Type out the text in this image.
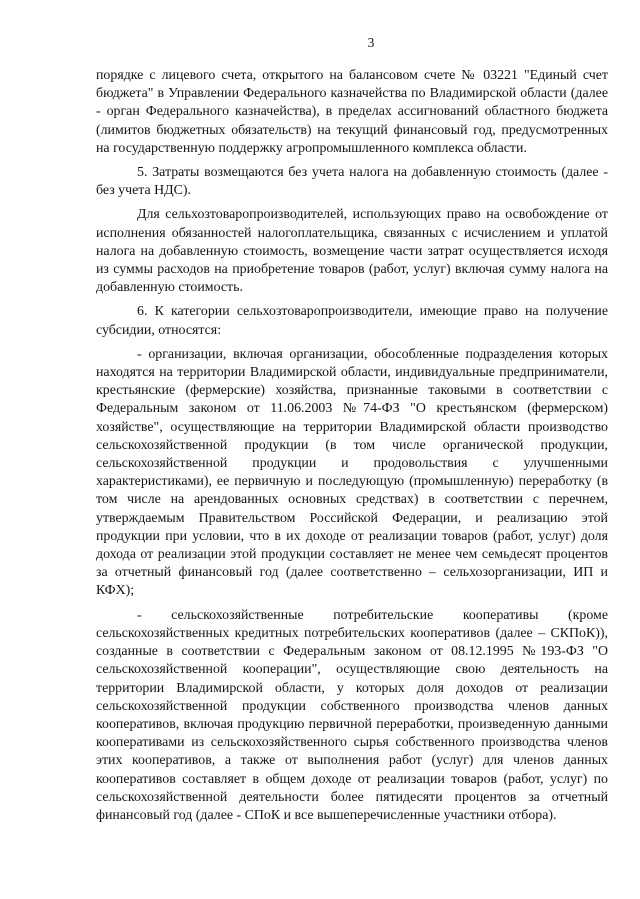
3

порядке с лицевого счета, открытого на балансовом счете № 03221 "Единый счет бюджета" в Управлении Федерального казначейства по Владимирской области (далее - орган Федерального казначейства), в пределах ассигнований областного бюджета (лимитов бюджетных обязательств) на текущий финансовый год, предусмотренных на государственную поддержку агропромышленного комплекса области.

5. Затраты возмещаются без учета налога на добавленную стоимость (далее - без учета НДС).

Для сельхозтоваропроизводителей, использующих право на освобождение от исполнения обязанностей налогоплательщика, связанных с исчислением и уплатой налога на добавленную стоимость, возмещение части затрат осуществляется исходя из суммы расходов на приобретение товаров (работ, услуг) включая сумму налога на добавленную стоимость.

6. К категории сельхозтоваропроизводители, имеющие право на получение субсидии, относятся:

- организации, включая организации, обособленные подразделения которых находятся на территории Владимирской области, индивидуальные предприниматели, крестьянские (фермерские) хозяйства, признанные таковыми в соответствии с Федеральным законом от 11.06.2003 №74-ФЗ "О крестьянском (фермерском) хозяйстве", осуществляющие на территории Владимирской области производство сельскохозяйственной продукции (в том числе органической продукции, сельскохозяйственной продукции и продовольствия с улучшенными характеристиками), ее первичную и последующую (промышленную) переработку (в том числе на арендованных основных средствах) в соответствии с перечнем, утверждаемым Правительством Российской Федерации, и реализацию этой продукции при условии, что в их доходе от реализации товаров (работ, услуг) доля дохода от реализации этой продукции составляет не менее чем семьдесят процентов за отчетный финансовый год (далее соответственно – сельхозорганизации, ИП и КФХ);

- сельскохозяйственные потребительские кооперативы (кроме сельскохозяйственных кредитных потребительских кооперативов (далее – СКПоК)), созданные в соответствии с Федеральным законом от 08.12.1995 №193-ФЗ "О сельскохозяйственной кооперации", осуществляющие свою деятельность на территории Владимирской области, у которых доля доходов от реализации сельскохозяйственной продукции собственного производства членов данных кооперативов, включая продукцию первичной переработки, произведенную данными кооперативами из сельскохозяйственного сырья собственного производства членов этих кооперативов, а также от выполнения работ (услуг) для членов данных кооперативов составляет в общем доходе от реализации товаров (работ, услуг) по сельскохозяйственной деятельности более пятидесяти процентов за отчетный финансовый год (далее - СПоК и все вышеперечисленные участники отбора).
